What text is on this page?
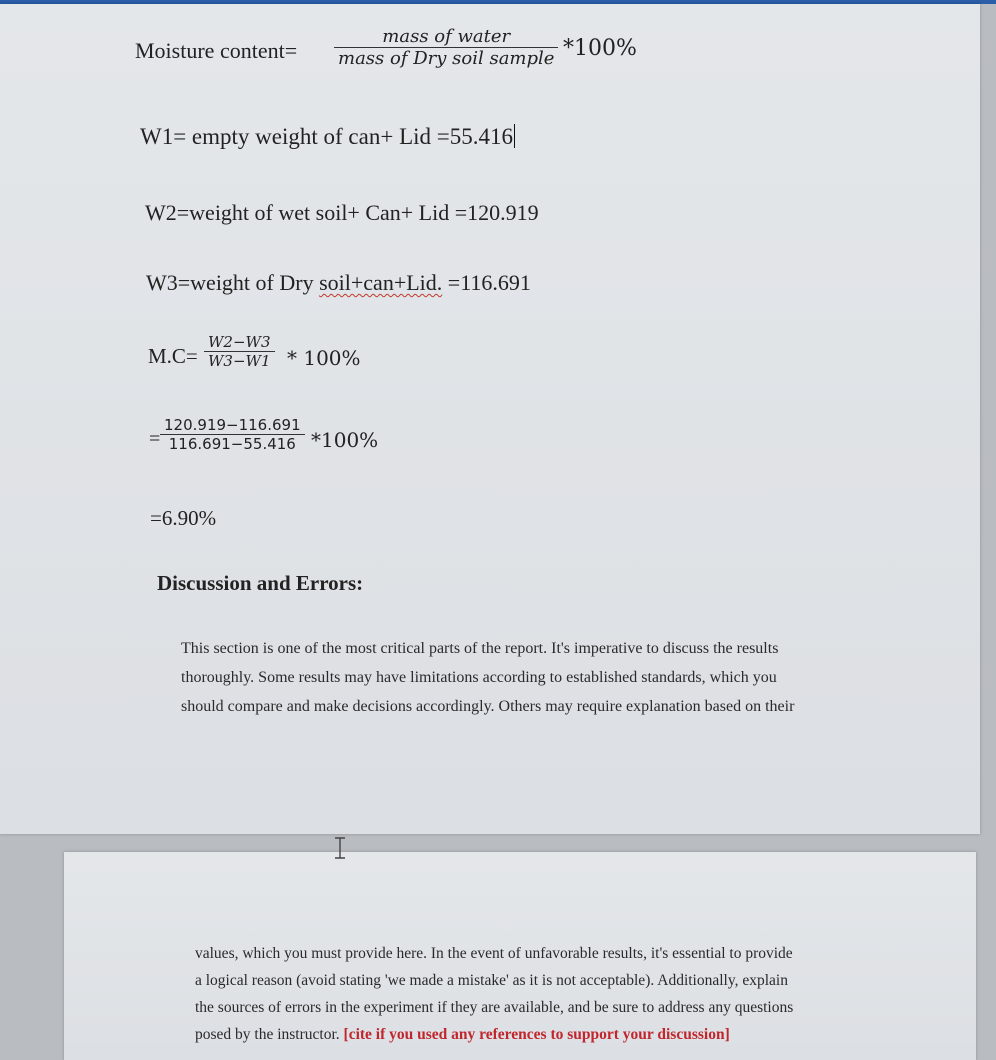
Moisture content=
mass of water
mass of Dry soil sample *100%
W1= empty weight of can+ Lid =55.416
W2=weight of wet soil+ Can+ Lid =120.919
W3=weight of Dry soil+can+Lid. =116.691
M.C=
W2−W3
W3−W1 * 100%
=
120.919−116.691
116.691−55.416 *100%
=6.90%
Discussion and Errors:
This section is one of the most critical parts of the report. It's imperative to discuss the results
thoroughly. Some results may have limitations according to established standards, which you
should compare and make decisions accordingly. Others may require explanation based on their
values, which you must provide here. In the event of unfavorable results, it's essential to provide
a logical reason (avoid stating 'we made a mistake' as it is not acceptable). Additionally, explain
the sources of errors in the experiment if they are available, and be sure to address any questions
posed by the instructor. [cite if you used any references to support your discussion]
